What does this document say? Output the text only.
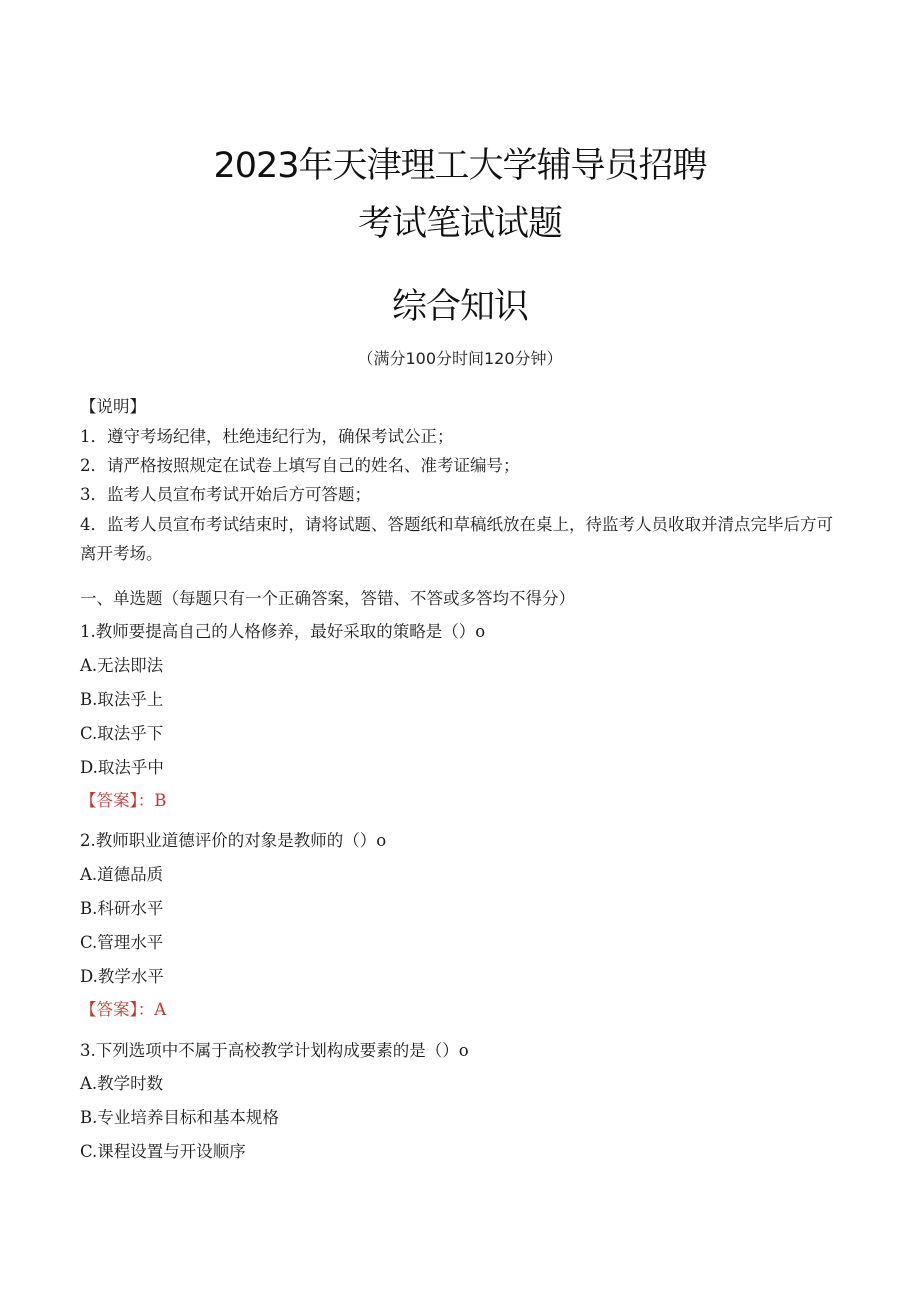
2023年天津理工大学辅导员招聘
考试笔试试题
综合知识
（满分100分时间120分钟）
【说明】
1．遵守考场纪律，杜绝违纪行为，确保考试公正；
2．请严格按照规定在试卷上填写自己的姓名、准考证编号；
3．监考人员宣布考试开始后方可答题；
4．监考人员宣布考试结束时，请将试题、答题纸和草稿纸放在桌上，待监考人员收取并清点完毕后方可离开考场。
一、单选题（每题只有一个正确答案，答错、不答或多答均不得分）
1.教师要提高自己的人格修养，最好采取的策略是（）o
A.无法即法
B.取法乎上
C.取法乎下
D.取法乎中
【答案】：B
2.教师职业道德评价的对象是教师的（）o
A.道德品质
B.科研水平
C.管理水平
D.教学水平
【答案】：A
3.下列选项中不属于高校教学计划构成要素的是（）o
A.教学时数
B.专业培养目标和基本规格
C.课程设置与开设顺序
